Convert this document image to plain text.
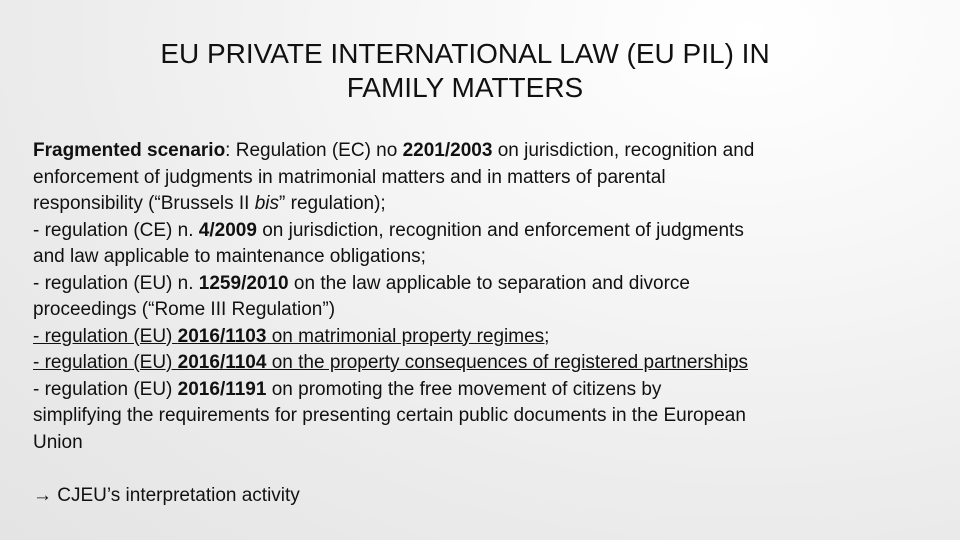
EU PRIVATE INTERNATIONAL LAW (EU PIL) IN
FAMILY MATTERS
Fragmented scenario: Regulation (EC) no 2201/2003 on jurisdiction, recognition and
enforcement of judgments in matrimonial matters and in matters of parental
responsibility (“Brussels II bis” regulation);
- regulation (CE) n. 4/2009 on jurisdiction, recognition and enforcement of judgments
and law applicable to maintenance obligations;
- regulation (EU) n. 1259/2010 on the law applicable to separation and divorce
proceedings (“Rome III Regulation”)
- regulation (EU) 2016/1103 on matrimonial property regimes;
- regulation (EU) 2016/1104 on the property consequences of registered partnerships
- regulation (EU) 2016/1191 on promoting the free movement of citizens by
simplifying the requirements for presenting certain public documents in the European
Union
→ CJEU’s interpretation activity
